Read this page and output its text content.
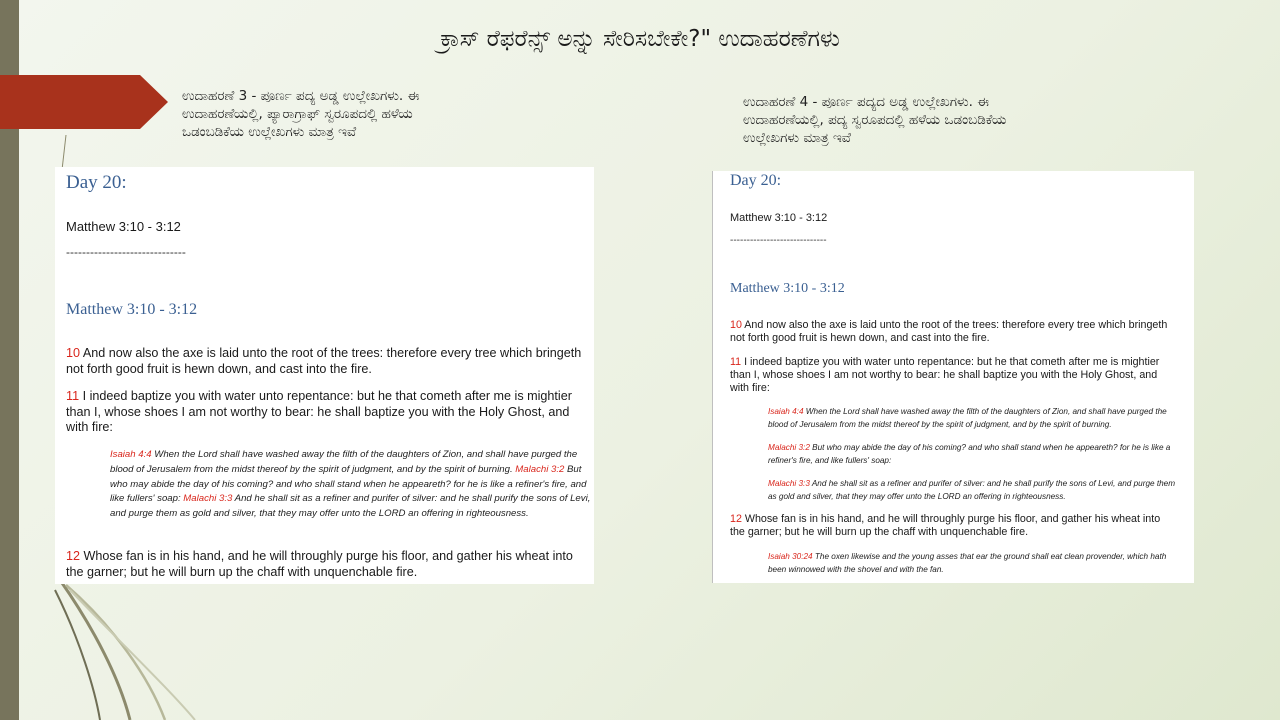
ಕ್ರಾಸ್ ರೆಫರೆನ್ಸ್ ಅನ್ನು ಸೇರಿಸಬೇಕೇ?" ಉದಾಹರಣೆಗಳು
ಉದಾಹರಣೆ 3 - ಪೂರ್ಣ ಪದ್ಯ ಅಡ್ಡ ಉಲ್ಲೇಖಗಳು. ಈ
ಉದಾಹರಣೆಯಲ್ಲಿ, ಪ್ಯಾರಾಗ್ರಾಫ್ ಸ್ವರೂಪದಲ್ಲಿ ಹಳೆಯ
ಒಡಂಬಡಿಕೆಯ ಉಲ್ಲೇಖಗಳು ಮಾತ್ರ ಇವೆ
ಉದಾಹರಣೆ 4 - ಪೂರ್ಣ ಪದ್ಯದ ಅಡ್ಡ ಉಲ್ಲೇಖಗಳು. ಈ
ಉದಾಹರಣೆಯಲ್ಲಿ, ಪದ್ಯ ಸ್ವರೂಪದಲ್ಲಿ ಹಳೆಯ ಒಡಂಬಡಿಕೆಯ
ಉಲ್ಲೇಖಗಳು ಮಾತ್ರ ಇವೆ
Day 20:
Matthew 3:10 - 3:12
------------------------------
Matthew 3:10 - 3:12
10 And now also the axe is laid unto the root of the trees: therefore every tree which bringeth not forth good fruit is hewn down, and cast into the fire.
11 I indeed baptize you with water unto repentance: but he that cometh after me is mightier than I, whose shoes I am not worthy to bear: he shall baptize you with the Holy Ghost, and with fire:
Isaiah 4:4 When the Lord shall have washed away the filth of the daughters of Zion, and shall have purged the blood of Jerusalem from the midst thereof by the spirit of judgment, and by the spirit of burning. Malachi 3:2 But who may abide the day of his coming? and who shall stand when he appeareth? for he is like a refiner's fire, and like fullers' soap: Malachi 3:3 And he shall sit as a refiner and purifer of silver: and he shall purify the sons of Levi, and purge them as gold and silver, that they may offer unto the LORD an offering in righteousness.
12 Whose fan is in his hand, and he will throughly purge his floor, and gather his wheat into the garner; but he will burn up the chaff with unquenchable fire.
Day 20:
Matthew 3:10 - 3:12
-----------------------------
Matthew 3:10 - 3:12
10 And now also the axe is laid unto the root of the trees: therefore every tree which bringeth not forth good fruit is hewn down, and cast into the fire.
11 I indeed baptize you with water unto repentance: but he that cometh after me is mightier than I, whose shoes I am not worthy to bear: he shall baptize you with the Holy Ghost, and with fire:
Isaiah 4:4 When the Lord shall have washed away the filth of the daughters of Zion, and shall have purged the blood of Jerusalem from the midst thereof by the spirit of judgment, and by the spirit of burning.
Malachi 3:2 But who may abide the day of his coming? and who shall stand when he appeareth? for he is like a refiner's fire, and like fullers' soap:
Malachi 3:3 And he shall sit as a refiner and purifer of silver: and he shall purify the sons of Levi, and purge them as gold and silver, that they may offer unto the LORD an offering in righteousness.
12 Whose fan is in his hand, and he will throughly purge his floor, and gather his wheat into the garner; but he will burn up the chaff with unquenchable fire.
Isaiah 30:24 The oxen likewise and the young asses that ear the ground shall eat clean provender, which hath been winnowed with the shovel and with the fan.
